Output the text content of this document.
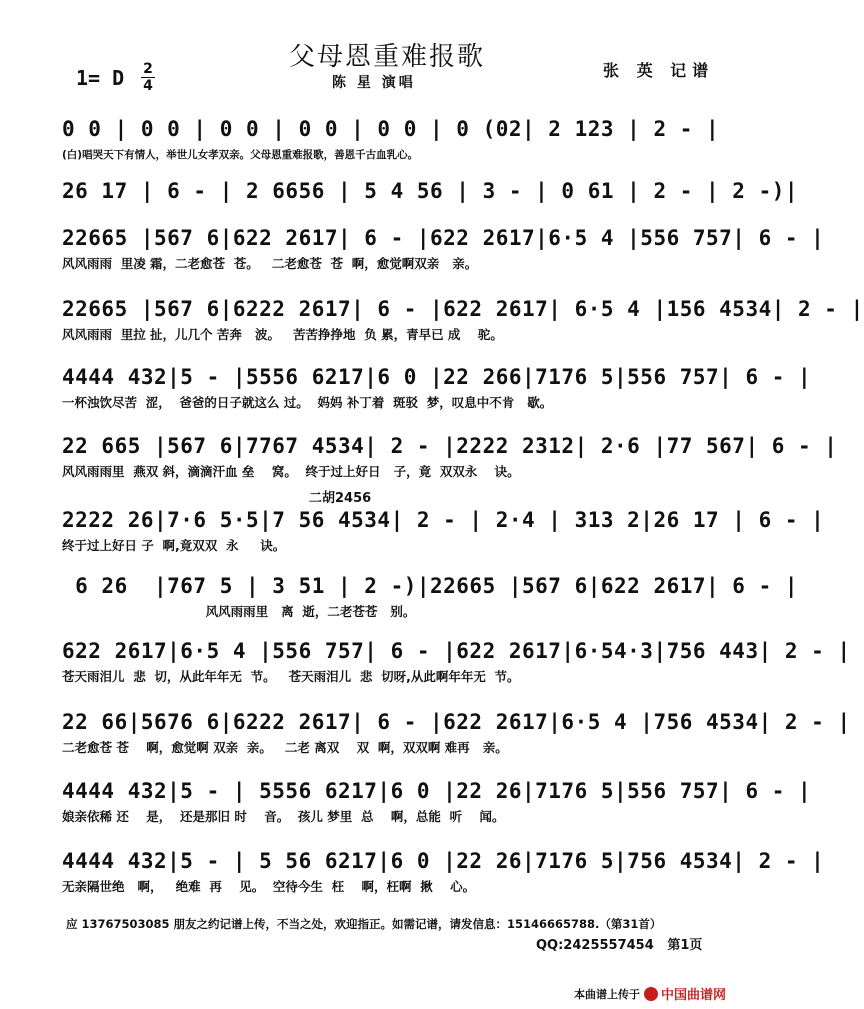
父母恩重难报歌
陈 星 演唱
张 英 记谱
1= D 2
4
0 0 | 0 0 | 0 0 | 0 0 | 0 0 | 0 (02| 2 123 | 2 - |
(白)唱哭天下有情人，举世儿女孝双亲。父母恩重难报歌，善恩千古血乳心。
26 17 | 6 - | 2 6656 | 5 4 56 | 3 - | 0 61 | 2 - | 2 -)|
22665 |567 6|622 2617| 6 - |622 2617|6·5 4 |556 757| 6 - |
风风雨雨  里凌 霜，二老愈苍  苍。   二老愈苍  苍  啊，愈觉啊双亲   亲。
22665 |567 6|6222 2617| 6 - |622 2617| 6·5 4 |156 4534| 2 - |
风风雨雨  里拉 扯，儿几个 苦奔   波。   苦苦挣挣地  负 累，青早已 成    驼。
4444 432|5 - |5556 6217|6 0 |22 266|7176 5|556 757| 6 - |
一杯浊饮尽苦  涩，  爸爸的日子就这么 过。  妈妈 补丁着  斑驳  梦，叹息中不肯   歇。
22 665 |567 6|7767 4534| 2 - |2222 2312| 2·6 |77 567| 6 - |
风风雨雨里  燕双 斜，滴滴汗血 垒    窝。  终于过上好日   子，竟  双双永    诀。
二胡2456
2222 26|7·6 5·5|7 56 4534| 2 - | 2·4 | 313 2|26 17 | 6 - |
终于过上好日 子  啊,竟双双  永     诀。
6 26  |767 5 | 3 51 | 2 -)|22665 |567 6|622 2617| 6 - |
风风雨雨里   离  逝，二老苍苍   别。
622 2617|6·5 4 |556 757| 6 - |622 2617|6·54·3|756 443| 2 - |
苍天雨泪儿  悲  切，从此年年无  节。   苍天雨泪儿  悲  切呀,从此啊年年无  节。
22 66|5676 6|6222 2617| 6 - |622 2617|6·5 4 |756 4534| 2 - |
二老愈苍 苍    啊，愈觉啊 双亲  亲。   二老 离双    双  啊，双双啊 难再   亲。
4444 432|5 - | 5556 6217|6 0 |22 26|7176 5|556 757| 6 - |
娘亲依稀 还    是，  还是那旧 时    音。  孩儿 梦里  总    啊，总能  听    闻。
4444 432|5 - | 5 56 6217|6 0 |22 26|7176 5|756 4534| 2 - |
无亲隔世绝   啊，   绝难  再    见。  空待今生  枉    啊，枉啊  揪    心。
应 13767503085 朋友之约记谱上传，不当之处，欢迎指正。如需记谱，请发信息：15146665788.（第31首）
QQ:2425557454   第1页
本曲谱上传于 中国曲谱网
